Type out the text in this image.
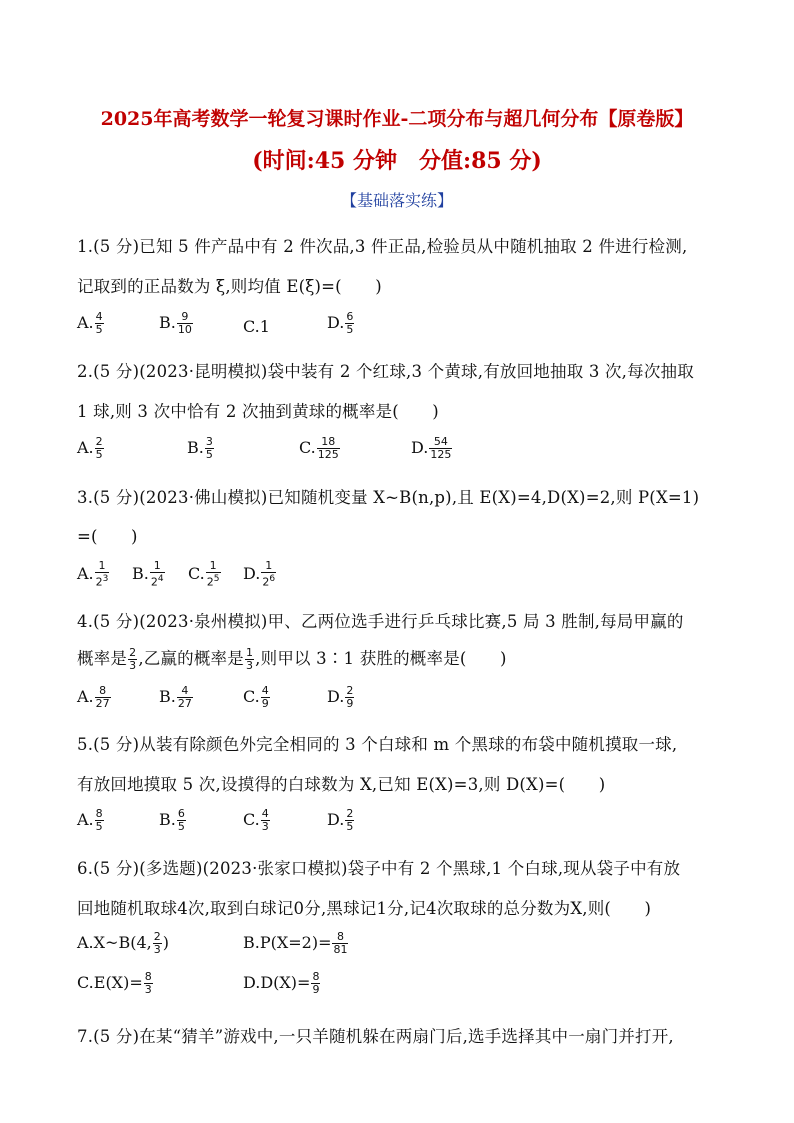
2025年高考数学一轮复习课时作业-二项分布与超几何分布【原卷版】
(时间:45 分钟　分值:85 分)
【基础落实练】
1.(5 分)已知 5 件产品中有 2 件次品,3 件正品,检验员从中随机抽取 2 件进行检测,
记取到的正品数为 ξ,则均值 E(ξ)=(　　)
A. $\frac{4}{5}$	B. $\frac{9}{10}$	C.1	D. $\frac{6}{5}$
2.(5 分)(2023·昆明模拟)袋中装有 2 个红球,3 个黄球,有放回地抽取 3 次,每次抽取
1 球,则 3 次中恰有 2 次抽到黄球的概率是(　　)
A. $\frac{2}{5}$	B. $\frac{3}{5}$	C. $\frac{18}{125}$	D. $\frac{54}{125}$
3.(5 分)(2023·佛山模拟)已知随机变量 X~B(n,p),且 E(X)=4,D(X)=2,则 P(X=1)
=(　　)
A. $\frac{1}{2^3} B$. $\frac{1}{2^4} C$. $\frac{1}{2^5} D$. $\frac{1}{2^6}$
4.(5 分)(2023·泉州模拟)甲、乙两位选手进行乒乓球比赛,5 局 3 胜制,每局甲赢的
概率是 $\frac{2}{3}$ ,乙赢的概率是 $\frac{1}{3}$ ,则甲以 3∶1 获胜的概率是(　　)
A. $\frac{8}{27}$	B. $\frac{4}{27}$	C. $\frac{4}{9}$	D. $\frac{2}{9}$
5.(5 分)从装有除颜色外完全相同的 3 个白球和 m 个黑球的布袋中随机摸取一球,
有放回地摸取 5 次,设摸得的白球数为 X,已知 E(X)=3,则 D(X)=(　　)
A. $\frac{8}{5}$	B. $\frac{6}{5}$	C. $\frac{4}{3}$	D. $\frac{2}{5}$
6.(5 分)(多选题)(2023·张家口模拟)袋子中有 2 个黑球,1 个白球,现从袋子中有放
回地随机取球4次,取到白球记0分,黑球记1分,记4次取球的总分数为X,则(　　)
A.X~B(4, $\frac{2}{3}$ )	$B.P(X=2)= \frac{8}{81}$
$C.E(X)= \frac{8}{3}$	$D.D(X)= \frac{8}{9}$
7.(5 分)在某“猜羊”游戏中,一只羊随机躲在两扇门后,选手选择其中一扇门并打开,
